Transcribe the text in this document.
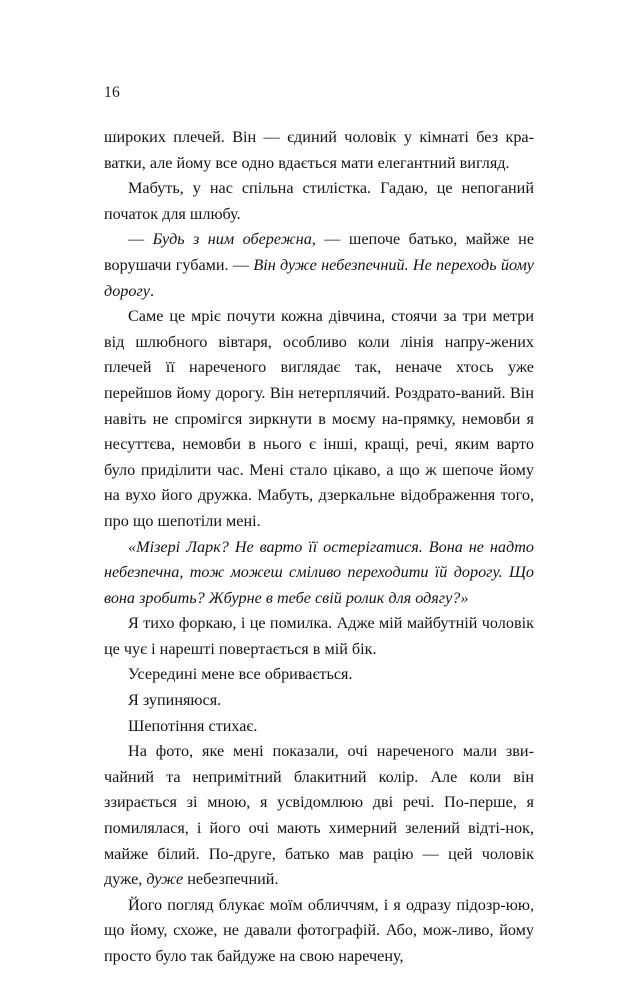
16

широких плечей. Він — єдиний чоловік у кімнаті без кра-ватки, але йому все одно вдається мати елегантний вигляд.

Мабуть, у нас спільна стилістка. Гадаю, це непоганий початок для шлюбу.

— Будь з ним обережна, — шепоче батько, майже не ворушачи губами. — Він дуже небезпечний. Не переходь йому дорогу.

Саме це мріє почути кожна дівчина, стоячи за три метри від шлюбного вівтаря, особливо коли лінія напру-жених плечей її нареченого виглядає так, неначе хтось уже перейшов йому дорогу. Він нетерплячий. Роздрато-ваний. Він навіть не спромігся зиркнути в моєму на-прямку, немовби я несуттєва, немовби в нього є інші, кращі, речі, яким варто було приділити час. Мені стало цікаво, а що ж шепоче йому на вухо його дружка. Мабуть, дзеркальне відображення того, про що шепотіли мені.

«Мізері Ларк? Не варто її остерігатися. Вона не надто небезпечна, тож можеш сміливо переходити їй дорогу. Що вона зробить? Жбурне в тебе свій ролик для одягу?»

Я тихо форкаю, і це помилка. Адже мій майбутній чоловік це чує і нарешті повертається в мій бік.

Усередині мене все обривається.

Я зупиняюся.

Шепотіння стихає.

На фото, яке мені показали, очі нареченого мали зви-чайний та непримітний блакитний колір. Але коли він ззирається зі мною, я усвідомлюю дві речі. По-перше, я помилялася, і його очі мають химерний зелений відті-нок, майже білий. По-друге, батько мав рацію — цей чоловік дуже, дуже небезпечний.

Його погляд блукає моїм обличчям, і я одразу підозр-юю, що йому, схоже, не давали фотографій. Або, мож-ливо, йому просто було так байдуже на свою наречену,
